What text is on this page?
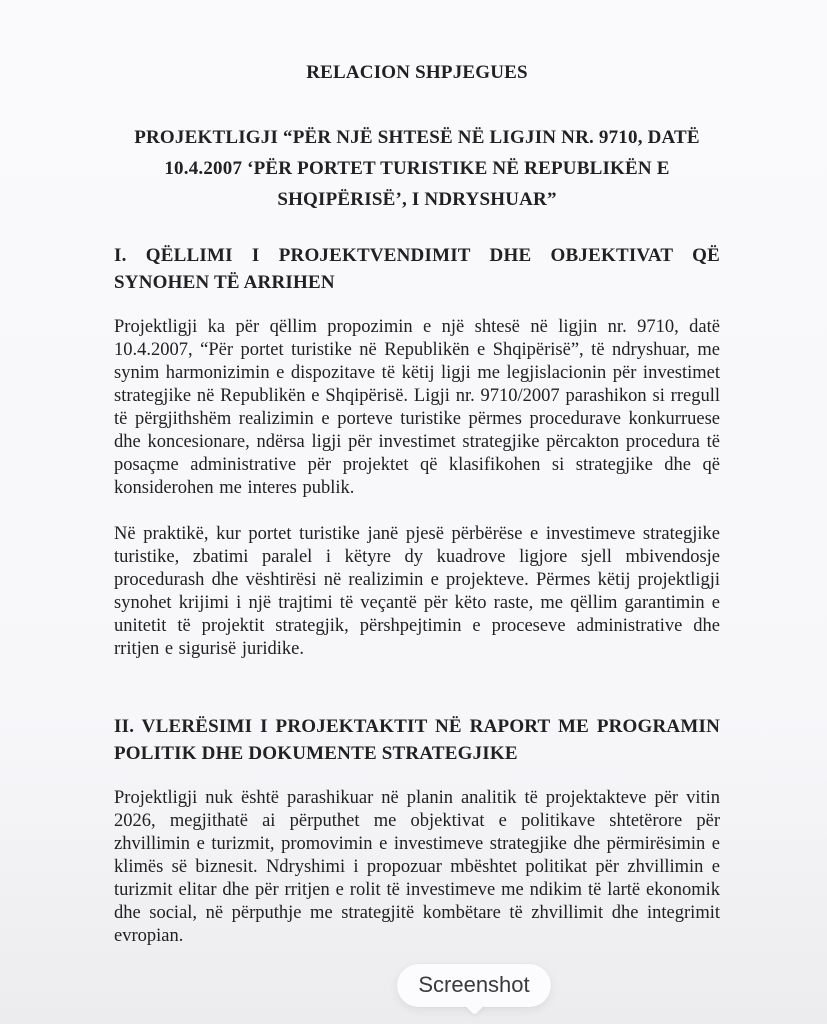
RELACION SHPJEGUES
PROJEKTLIGJI “PËR NJË SHTESË NË LIGJIN NR. 9710, DATË 10.4.2007 ‘PËR PORTET TURISTIKE NË REPUBLIKËN E SHQIPËRISË’, I NDRYSHUAR”
I. QËLLIMI I PROJEKTVENDIMIT DHE OBJEKTIVAT QË SYNOHEN TË ARRIHEN

Projektligji ka për qëllim propozimin e një shtesë në ligjin nr. 9710, datë 10.4.2007, “Për portet turistike në Republikën e Shqipërisë”, të ndryshuar, me synim harmonizimin e dispozitave të këtij ligji me legjislacionin për investimet strategjike në Republikën e Shqipërisë. Ligji nr. 9710/2007 parashikon si rregull të përgjithshëm realizimin e porteve turistike përmes procedurave konkurruese dhe koncesionare, ndërsa ligji për investimet strategjike përcakton procedura të posaçme administrative për projektet që klasifikohen si strategjike dhe që konsiderohen me interes publik.

Në praktikë, kur portet turistike janë pjesë përbërëse e investimeve strategjike turistike, zbatimi paralel i këtyre dy kuadrove ligjore sjell mbivendosje procedurash dhe vështirësi në realizimin e projekteve. Përmes këtij projektligji synohet krijimi i një trajtimi të veçantë për këto raste, me qëllim garantimin e unitetit të projektit strategjik, përshpejtimin e proceseve administrative dhe rritjen e sigurisë juridike.

II. VLERËSIMI I PROJEKTAKTIT NË RAPORT ME PROGRAMIN POLITIK DHE DOKUMENTE STRATEGJIKE

Projektligji nuk është parashikuar në planin analitik të projektakteve për vitin 2026, megjithatë ai përputhet me objektivat e politikave shtetërore për zhvillimin e turizmit, promovimin e investimeve strategjike dhe përmirësimin e klimës së biznesit. Ndryshimi i propozuar mbështet politikat për zhvillimin e turizmit elitar dhe për rritjen e rolit të investimeve me ndikim të lartë ekonomik dhe social, në përputhje me strategjitë kombëtare të zhvillimit dhe integrimit evropian.

Screenshot
